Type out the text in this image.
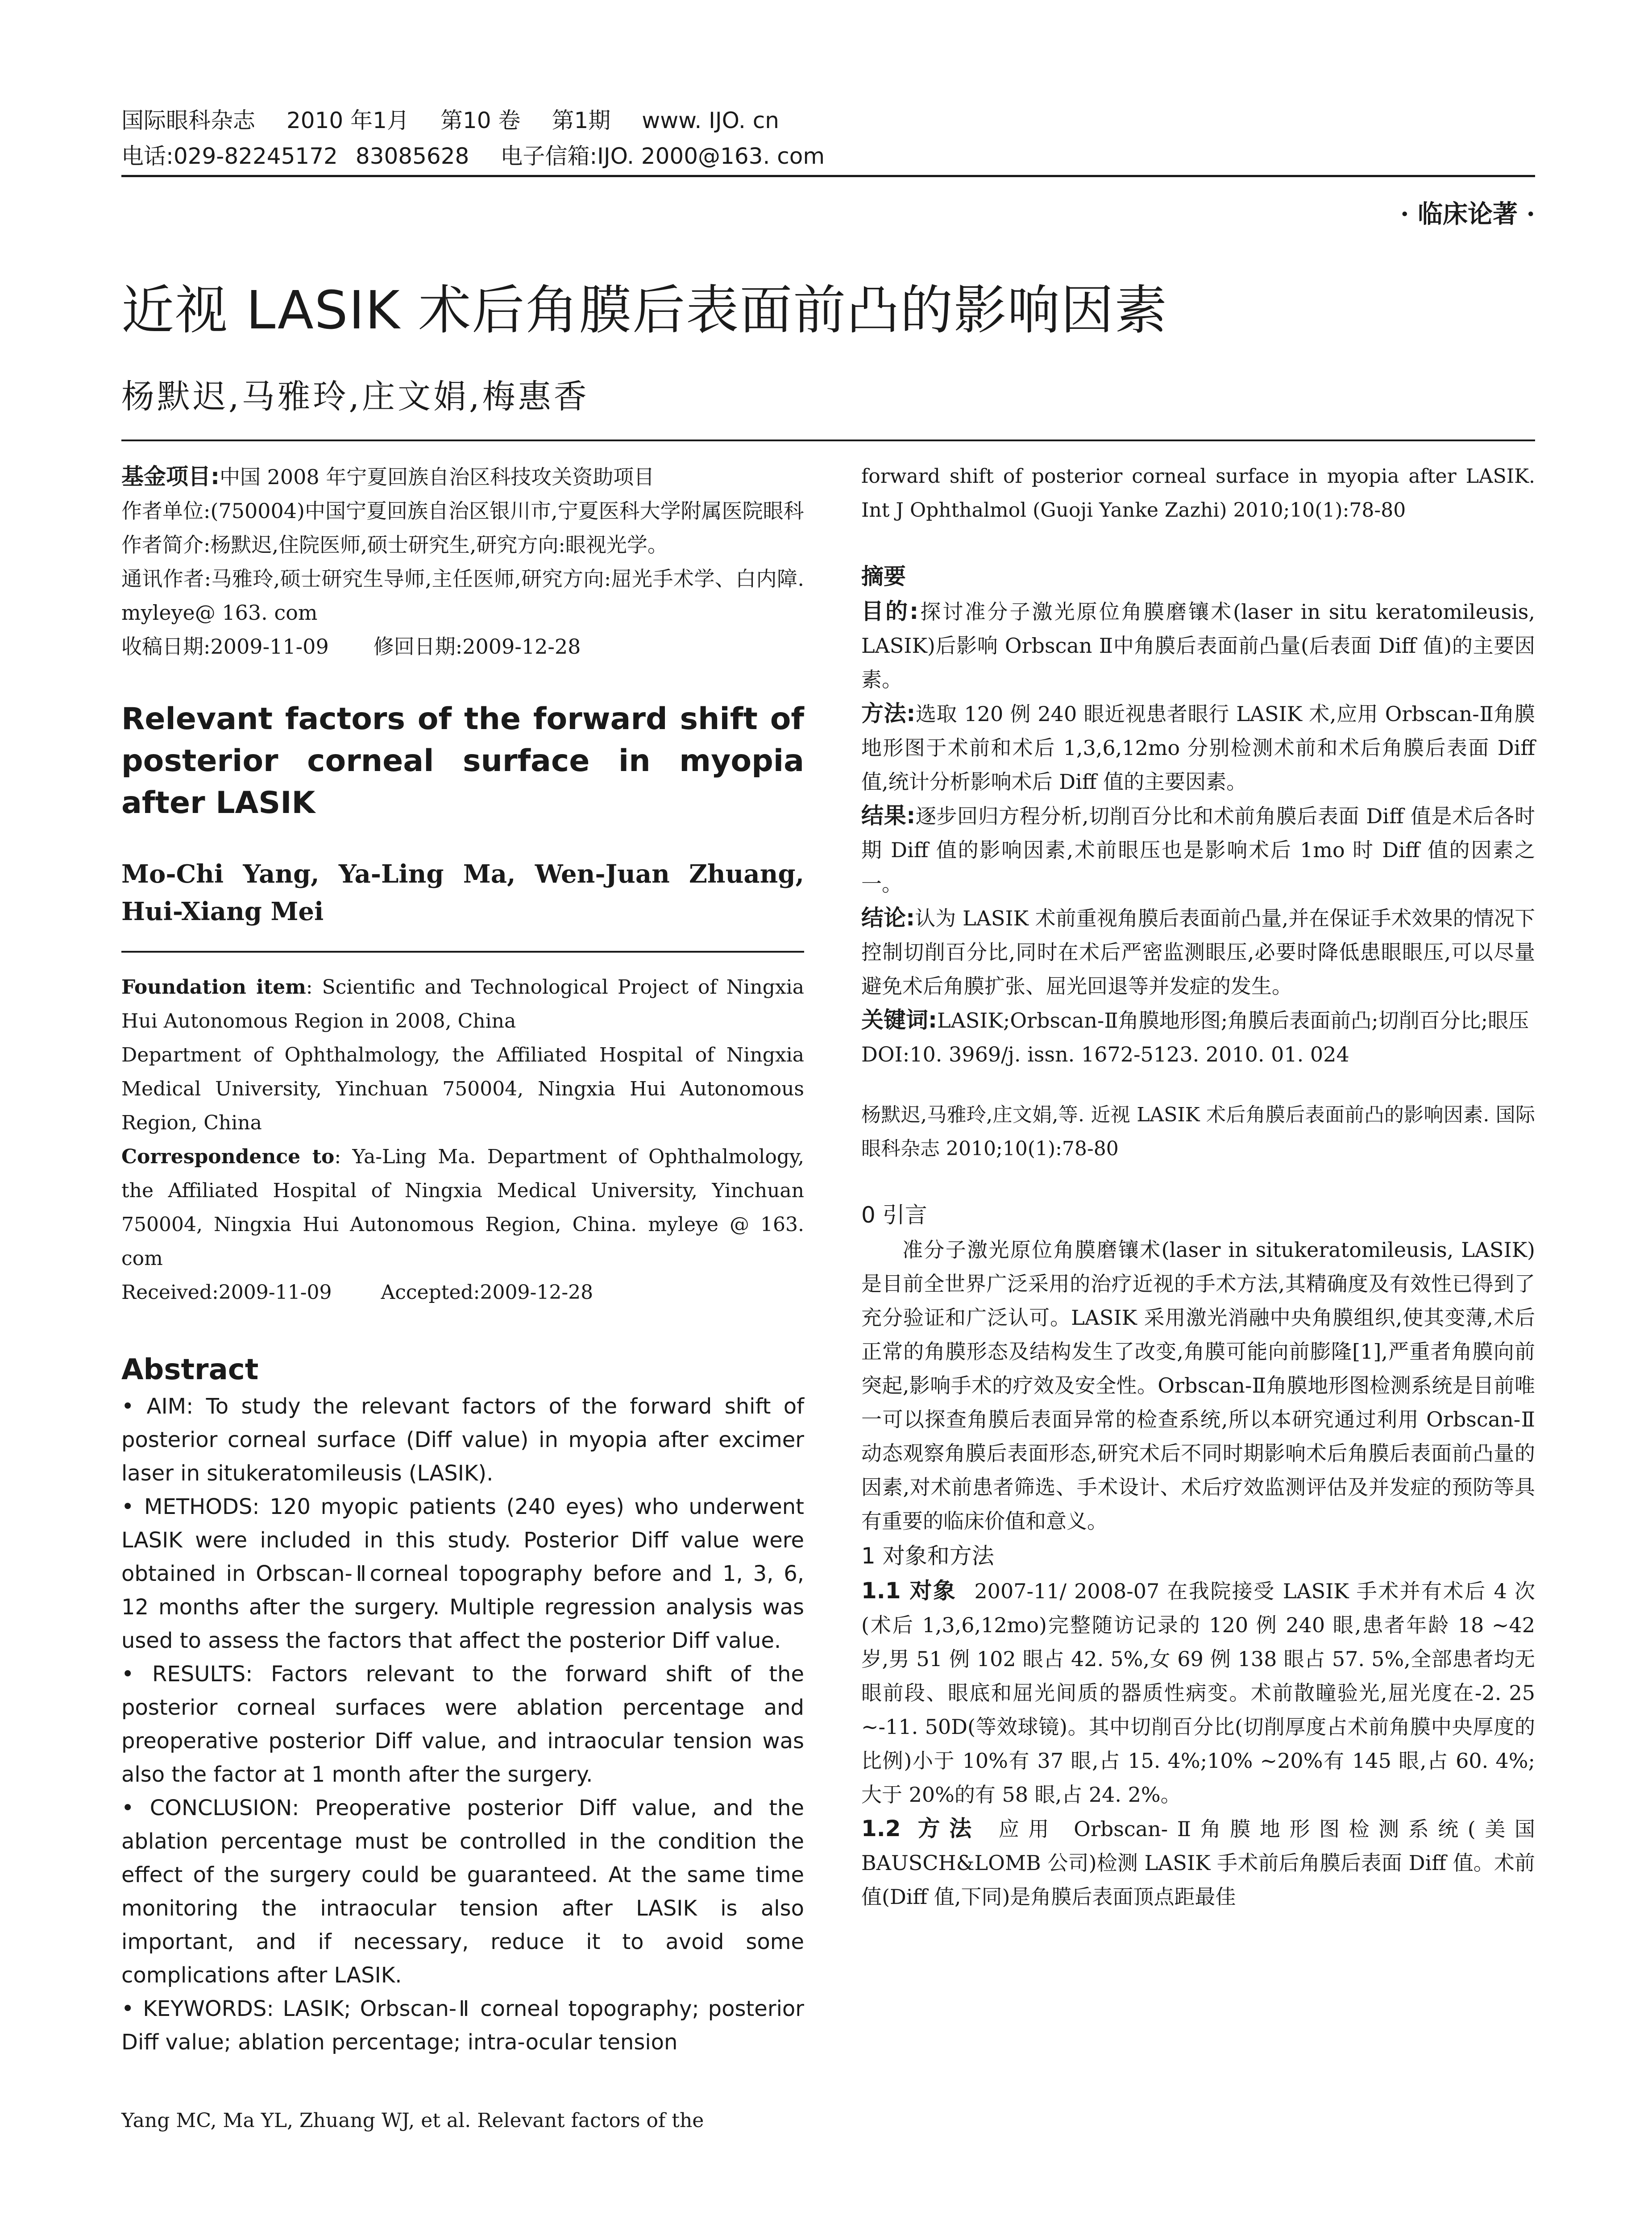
国际眼科杂志 2010 年1月 第10 卷 第1期 www. IJO. cn
电话:029-82245172 83085628 电子信箱:IJO. 2000@163. com
· 临床论著 ·
近视 LASIK 术后角膜后表面前凸的影响因素
杨默迟,马雅玲,庄文娟,梅惠香

基金项目:中国 2008 年宁夏回族自治区科技攻关资助项目

作者单位:(750004)中国宁夏回族自治区银川市,宁夏医科大学附属医院眼科

作者简介:杨默迟,住院医师,硕士研究生,研究方向:眼视光学。

通讯作者:马雅玲,硕士研究生导师,主任医师,研究方向:屈光手术学、白内障. myleye@ 163. com

收稿日期:2009-11-09 修回日期:2009-12-28

Relevant factors of the forward shift of posterior corneal surface in myopia after LASIK
Mo-Chi Yang, Ya-Ling Ma, Wen-Juan Zhuang, Hui-Xiang Mei

Foundation item: Scientific and Technological Project of Ningxia Hui Autonomous Region in 2008, China

Department of Ophthalmology, the Affiliated Hospital of Ningxia Medical University, Yinchuan 750004, Ningxia Hui Autonomous Region, China

Correspondence to: Ya-Ling Ma. Department of Ophthalmology, the Affiliated Hospital of Ningxia Medical University, Yinchuan 750004, Ningxia Hui Autonomous Region, China. myleye @ 163. com

Received:2009-11-09	Accepted:2009-12-28

Abstract

• AIM: To study the relevant factors of the forward shift of posterior corneal surface (Diff value) in myopia after excimer laser in situkeratomileusis (LASIK).

• METHODS: 120 myopic patients (240 eyes) who underwent LASIK were included in this study. Posterior Diff value were obtained in Orbscan-Ⅱcorneal topography before and 1, 3, 6, 12 months after the surgery. Multiple regression analysis was used to assess the factors that affect the posterior Diff value.

• RESULTS: Factors relevant to the forward shift of the posterior corneal surfaces were ablation percentage and preoperative posterior Diff value, and intraocular tension was also the factor at 1 month after the surgery.

• CONCLUSION: Preoperative posterior Diff value, and the ablation percentage must be controlled in the condition the effect of the surgery could be guaranteed. At the same time monitoring the intraocular tension after LASIK is also important, and if necessary, reduce it to avoid some complications after LASIK.

• KEYWORDS: LASIK; Orbscan-Ⅱ corneal topography; posterior Diff value; ablation percentage; intra-ocular tension

Yang MC, Ma YL, Zhuang WJ, et al. Relevant factors of the

forward shift of posterior corneal surface in myopia after LASIK. Int J Ophthalmol (Guoji Yanke Zazhi) 2010;10(1):78-80

摘要

目的:探讨准分子激光原位角膜磨镶术(laser in situ keratomileusis, LASIK)后影响 Orbscan Ⅱ中角膜后表面前凸量(后表面 Diff 值)的主要因素。

方法:选取 120 例 240 眼近视患者眼行 LASIK 术,应用 Orbscan-Ⅱ角膜地形图于术前和术后 1,3,6,12mo 分别检测术前和术后角膜后表面 Diff 值,统计分析影响术后 Diff 值的主要因素。

结果:逐步回归方程分析,切削百分比和术前角膜后表面 Diff 值是术后各时期 Diff 值的影响因素,术前眼压也是影响术后 1mo 时 Diff 值的因素之一。

结论:认为 LASIK 术前重视角膜后表面前凸量,并在保证手术效果的情况下控制切削百分比,同时在术后严密监测眼压,必要时降低患眼眼压,可以尽量避免术后角膜扩张、屈光回退等并发症的发生。

关键词:LASIK;Orbscan-Ⅱ角膜地形图;角膜后表面前凸;切削百分比;眼压

DOI:10. 3969/j. issn. 1672-5123. 2010. 01. 024

杨默迟,马雅玲,庄文娟,等. 近视 LASIK 术后角膜后表面前凸的影响因素. 国际眼科杂志 2010;10(1):78-80

0 引言

准分子激光原位角膜磨镶术(laser in situkeratomileusis, LASIK)是目前全世界广泛采用的治疗近视的手术方法,其精确度及有效性已得到了充分验证和广泛认可。LASIK 采用激光消融中央角膜组织,使其变薄,术后正常的角膜形态及结构发生了改变,角膜可能向前膨隆[1],严重者角膜向前突起,影响手术的疗效及安全性。Orbscan-Ⅱ角膜地形图检测系统是目前唯一可以探查角膜后表面异常的检查系统,所以本研究通过利用 Orbscan-Ⅱ动态观察角膜后表面形态,研究术后不同时期影响术后角膜后表面前凸量的因素,对术前患者筛选、手术设计、术后疗效监测评估及并发症的预防等具有重要的临床价值和意义。

1 对象和方法

1.1 对象 2007-11/ 2008-07 在我院接受 LASIK 手术并有术后 4 次(术后 1,3,6,12mo)完整随访记录的 120 例 240 眼,患者年龄 18 ~42 岁,男 51 例 102 眼占 42. 5%,女 69 例 138 眼占 57. 5%,全部患者均无眼前段、眼底和屈光间质的器质性病变。术前散瞳验光,屈光度在-2. 25 ~-11. 50D(等效球镜)。其中切削百分比(切削厚度占术前角膜中央厚度的比例)小于 10%有 37 眼,占 15. 4%;10% ~20%有 145 眼,占 60. 4%;大于 20%的有 58 眼,占 24. 2%。

1.2 方法 应用 Orbscan-Ⅱ角膜地形图检测系统(美国 BAUSCH&LOMB 公司)检测 LASIK 手术前后角膜后表面 Diff 值。术前值(Diff 值,下同)是角膜后表面顶点距最佳
